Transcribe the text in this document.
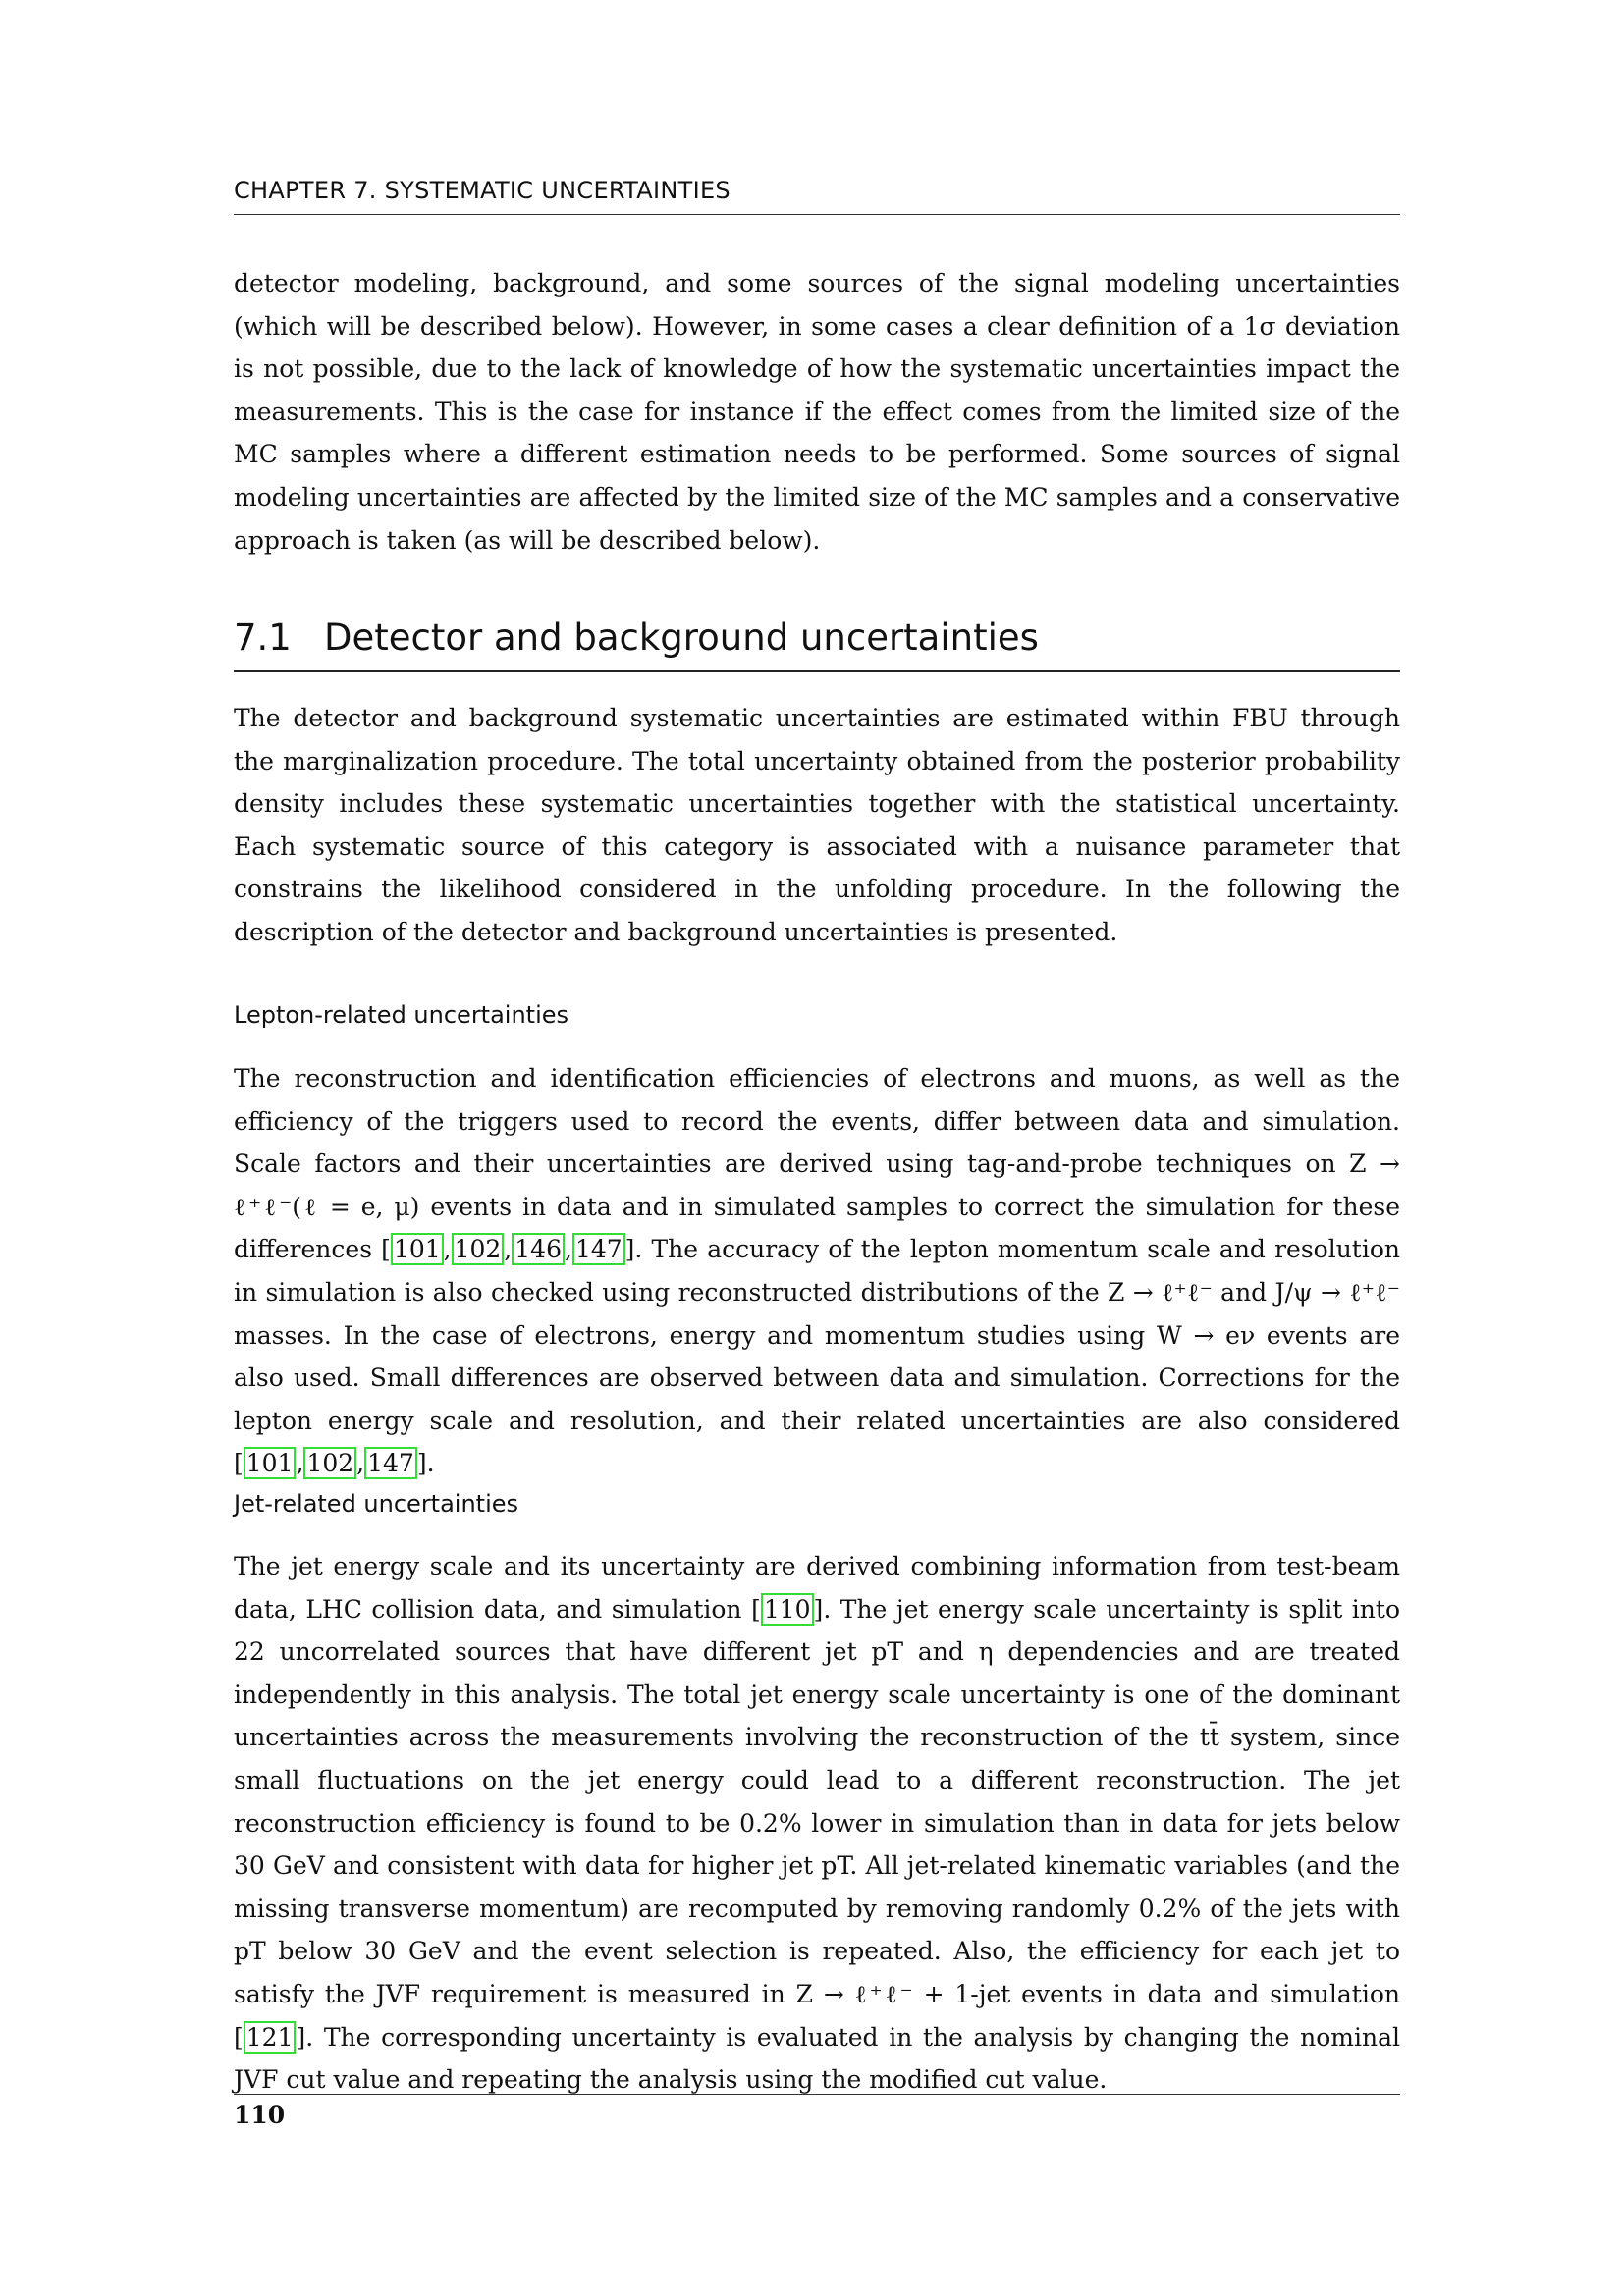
CHAPTER 7. SYSTEMATIC UNCERTAINTIES

detector modeling, background, and some sources of the signal modeling uncertainties (which will be described below). However, in some cases a clear definition of a 1σ deviation is not possible, due to the lack of knowledge of how the systematic uncertainties impact the measurements. This is the case for instance if the effect comes from the limited size of the MC samples where a different estimation needs to be performed. Some sources of signal modeling uncertainties are affected by the limited size of the MC samples and a conservative approach is taken (as will be described below).

7.1 Detector and background uncertainties

The detector and background systematic uncertainties are estimated within FBU through the marginalization procedure. The total uncertainty obtained from the posterior probability density includes these systematic uncertainties together with the statistical uncertainty. Each systematic source of this category is associated with a nuisance parameter that constrains the likelihood considered in the unfolding procedure. In the following the description of the detector and background uncertainties is presented.

Lepton-related uncertainties

The reconstruction and identification efficiencies of electrons and muons, as well as the efficiency of the triggers used to record the events, differ between data and simulation. Scale factors and their uncertainties are derived using tag-and-probe techniques on Z → ℓ⁺ℓ⁻(ℓ = e, μ) events in data and in simulated samples to correct the simulation for these differences [ 101 , 102 , 146 , 147 ]. The accuracy of the lepton momentum scale and resolution in simulation is also checked using reconstructed distributions of the Z → ℓ⁺ℓ⁻ and J/ψ → ℓ⁺ℓ⁻ masses. In the case of electrons, energy and momentum studies using W → eν events are also used. Small differences are observed between data and simulation. Corrections for the lepton energy scale and resolution, and their related uncertainties are also considered [ 101 , 102 , 147 ].

Jet-related uncertainties

The jet energy scale and its uncertainty are derived combining information from test-beam data, LHC collision data, and simulation [ 110 ]. The jet energy scale uncertainty is split into 22 uncorrelated sources that have different jet pT and η dependencies and are treated independently in this analysis. The total jet energy scale uncertainty is one of the dominant uncertainties across the measurements involving the reconstruction of the tt̄ system, since small fluctuations on the jet energy could lead to a different reconstruction. The jet reconstruction efficiency is found to be 0.2% lower in simulation than in data for jets below 30 GeV and consistent with data for higher jet pT. All jet-related kinematic variables (and the missing transverse momentum) are recomputed by removing randomly 0.2% of the jets with pT below 30 GeV and the event selection is repeated. Also, the efficiency for each jet to satisfy the JVF requirement is measured in Z → ℓ⁺ℓ⁻ + 1-jet events in data and simulation [ 121 ]. The corresponding uncertainty is evaluated in the analysis by changing the nominal JVF cut value and repeating the analysis using the modified cut value.

110
